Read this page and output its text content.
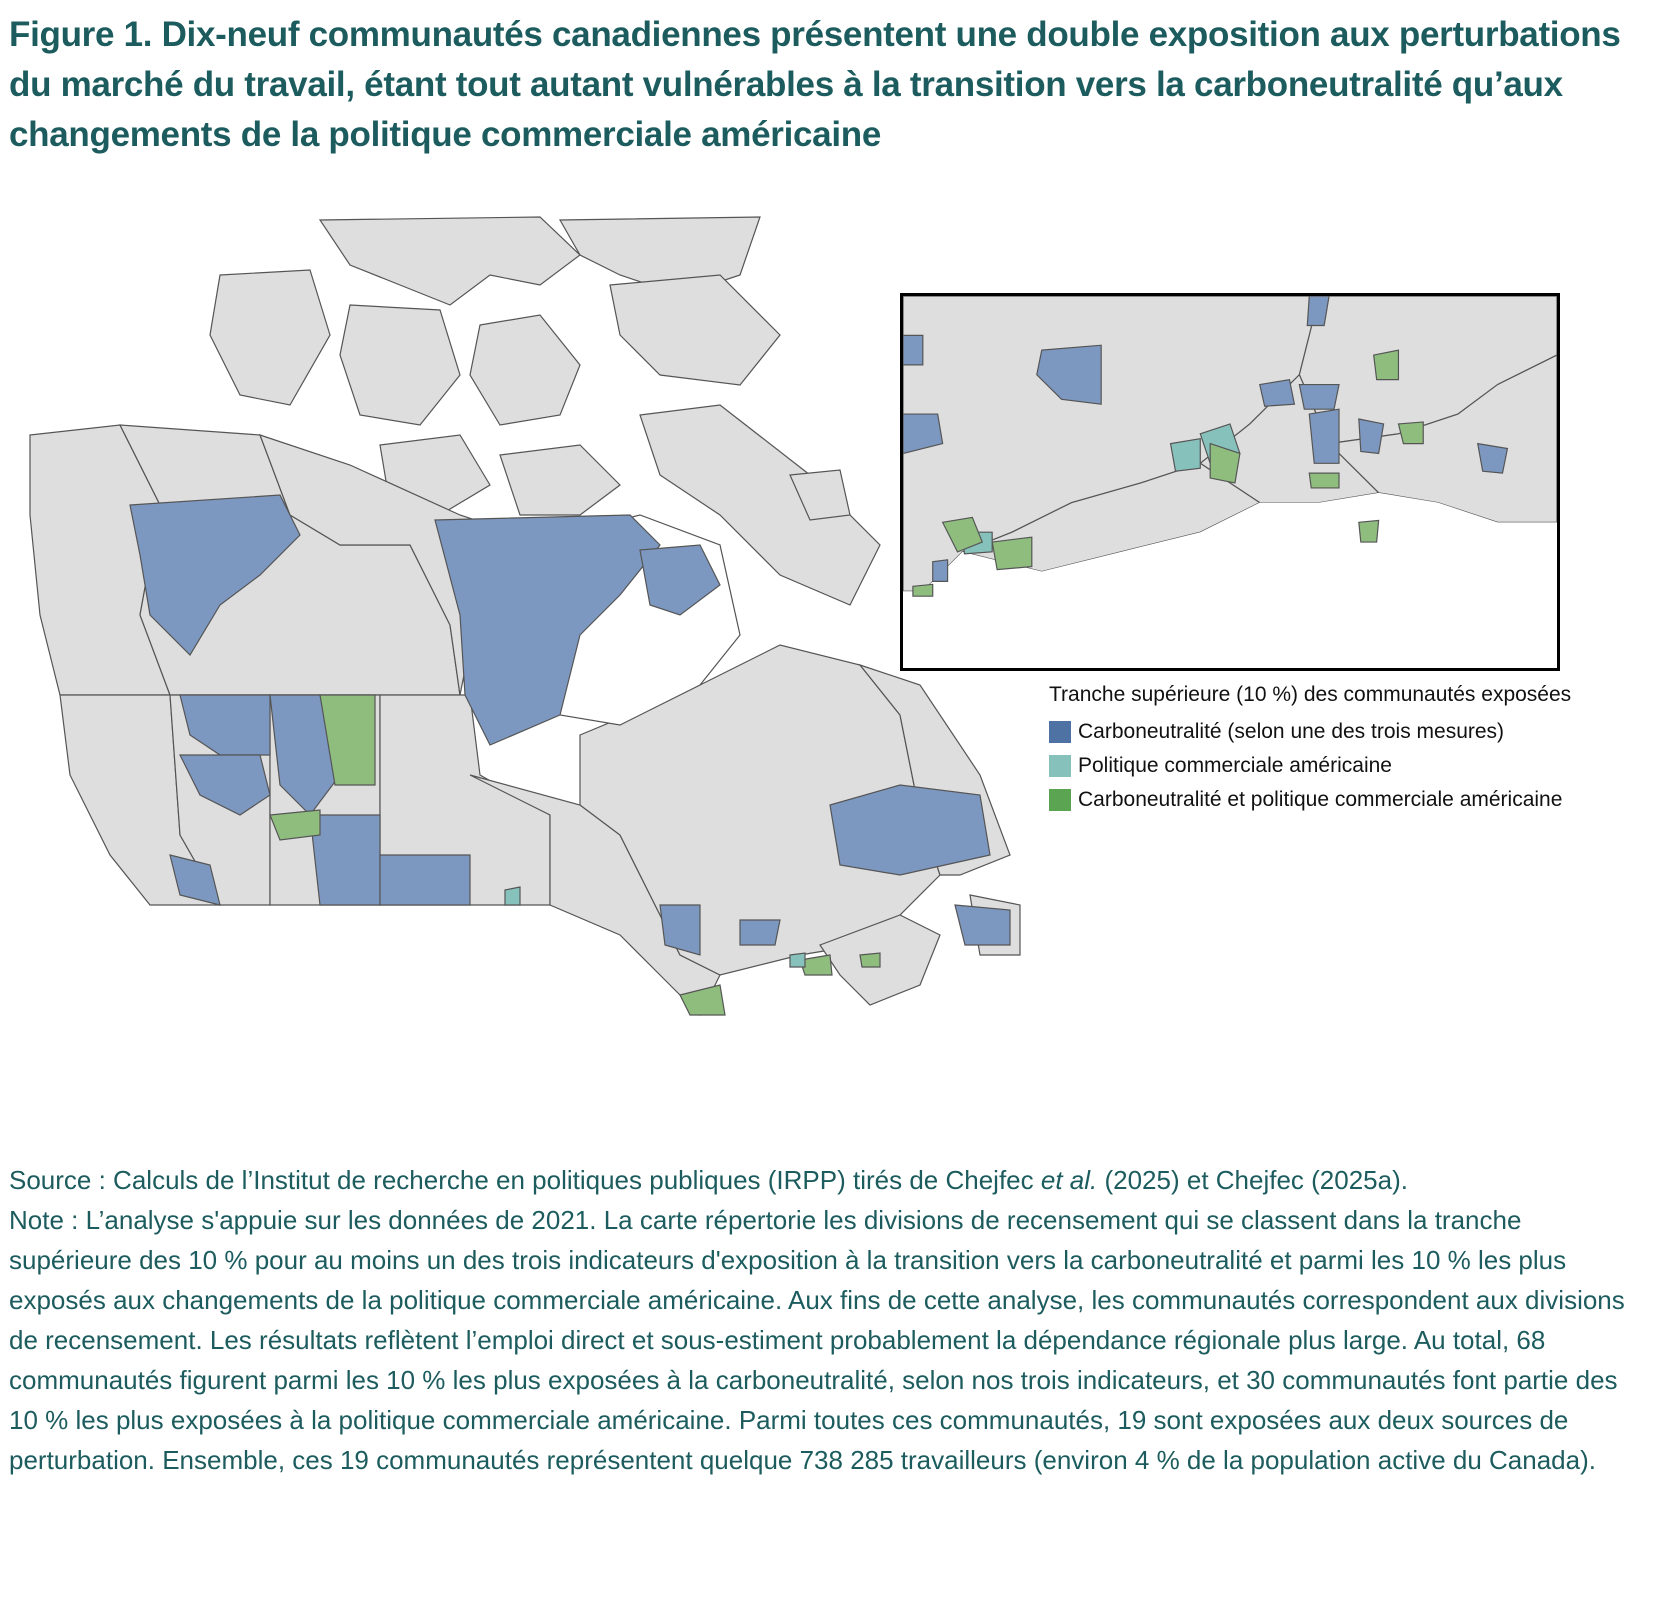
Figure 1. Dix-neuf communautés canadiennes présentent une double exposition aux perturbations du marché du travail, étant tout autant vulnérables à la transition vers la carboneutralité qu’aux changements de la politique commerciale américaine
Tranche supérieure (10 %) des communautés exposées
Carboneutralité (selon une des trois mesures)
Politique commerciale américaine
Carboneutralité et politique commerciale américaine

Source : Calculs de l’Institut de recherche en politiques publiques (IRPP) tirés de Chejfec et al. (2025) et Chejfec (2025a).

Note : L’analyse s'appuie sur les données de 2021. La carte répertorie les divisions de recensement qui se classent dans la tranche supérieure des 10 % pour au moins un des trois indicateurs d'exposition à la transition vers la carboneutralité et parmi les 10 % les plus exposés aux changements de la politique commerciale américaine. Aux fins de cette analyse, les communautés correspondent aux divisions de recensement. Les résultats reflètent l’emploi direct et sous-estiment probablement la dépendance régionale plus large. Au total, 68 communautés figurent parmi les 10 % les plus exposées à la carboneutralité, selon nos trois indicateurs, et 30 communautés font partie des 10 % les plus exposées à la politique commerciale américaine. Parmi toutes ces communautés, 19 sont exposées aux deux sources de perturbation. Ensemble, ces 19 communautés représentent quelque 738 285 travailleurs (environ 4 % de la population active du Canada).
